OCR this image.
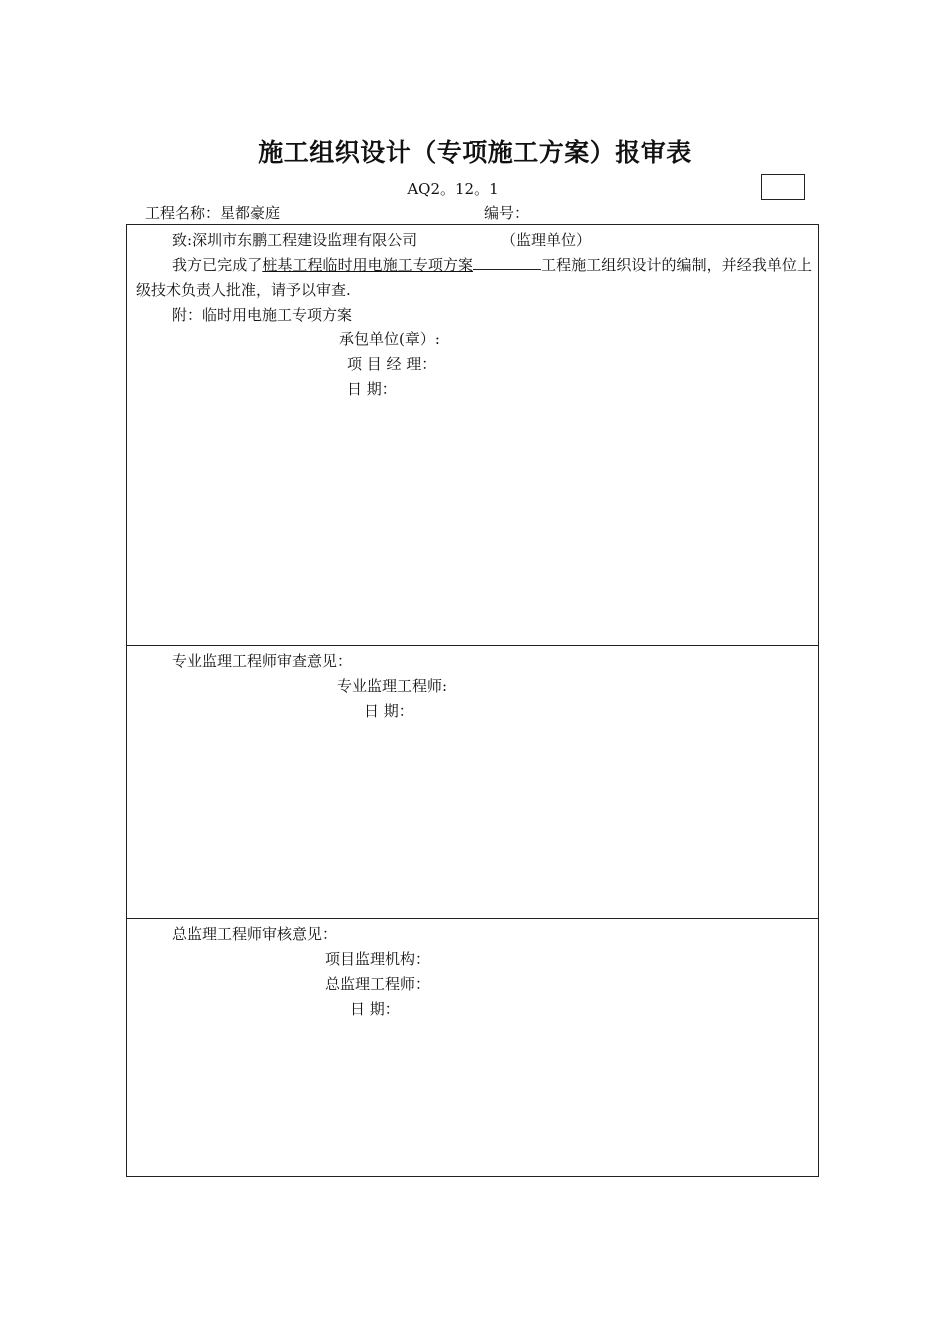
施工组织设计（专项施工方案）报审表
AQ2。12。1
工程名称：星都豪庭	编号：
致:深圳市东鹏工程建设监理有限公司	（监理单位）
我方已完成了桩基工程临时用电施工专项方案	工程施工组织设计的编制，并经我单位上级技术负责人批准，请予以审查.
附：临时用电施工专项方案
承包单位(章）:
项 目 经 理：
日 期：
专业监理工程师审查意见：
专业监理工程师:
日 期：
总监理工程师审核意见：
项目监理机构：
总监理工程师：
日 期：
